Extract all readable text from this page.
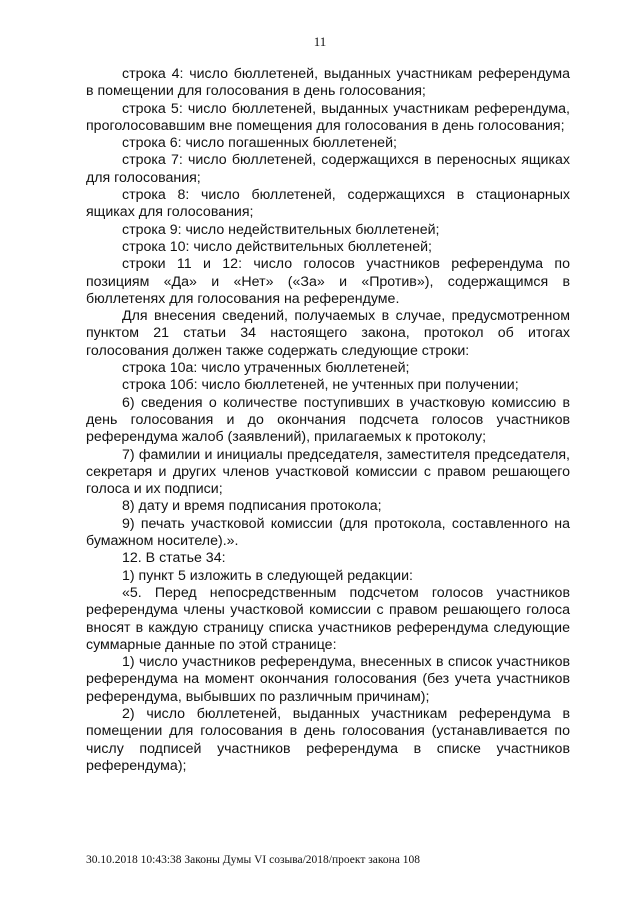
11

строка 4: число бюллетеней, выданных участникам референдума в помещении для голосования в день голосования;

строка 5: число бюллетеней, выданных участникам референдума, проголосовавшим вне помещения для голосования в день голосования;

строка 6: число погашенных бюллетеней;

строка 7: число бюллетеней, содержащихся в переносных ящиках для голосования;

строка 8: число бюллетеней, содержащихся в стационарных ящиках для голосования;

строка 9: число недействительных бюллетеней;

строка 10: число действительных бюллетеней;

строки 11 и 12: число голосов участников референдума по позициям «Да» и «Нет» («За» и «Против»), содержащимся в бюллетенях для голосования на референдуме.

Для внесения сведений, получаемых в случае, предусмотренном пунктом 21 статьи 34 настоящего закона, протокол об итогах голосования должен также содержать следующие строки:

строка 10а: число утраченных бюллетеней;

строка 10б: число бюллетеней, не учтенных при получении;

6) сведения о количестве поступивших в участковую комиссию в день голосования и до окончания подсчета голосов участников референдума жалоб (заявлений), прилагаемых к протоколу;

7) фамилии и инициалы председателя, заместителя председателя, секретаря и других членов участковой комиссии с правом решающего голоса и их подписи;

8) дату и время подписания протокола;

9) печать участковой комиссии (для протокола, составленного на бумажном носителе).».

12. В статье 34:

1) пункт 5 изложить в следующей редакции:

«5. Перед непосредственным подсчетом голосов участников референдума члены участковой комиссии с правом решающего голоса вносят в каждую страницу списка участников референдума следующие суммарные данные по этой странице:

1) число участников референдума, внесенных в список участников референдума на момент окончания голосования (без учета участников референдума, выбывших по различным причинам);

2) число бюллетеней, выданных участникам референдума в помещении для голосования в день голосования (устанавливается по числу подписей участников референдума в списке участников референдума);

30.10.2018 10:43:38 Законы Думы VI созыва/2018/проект закона 108
